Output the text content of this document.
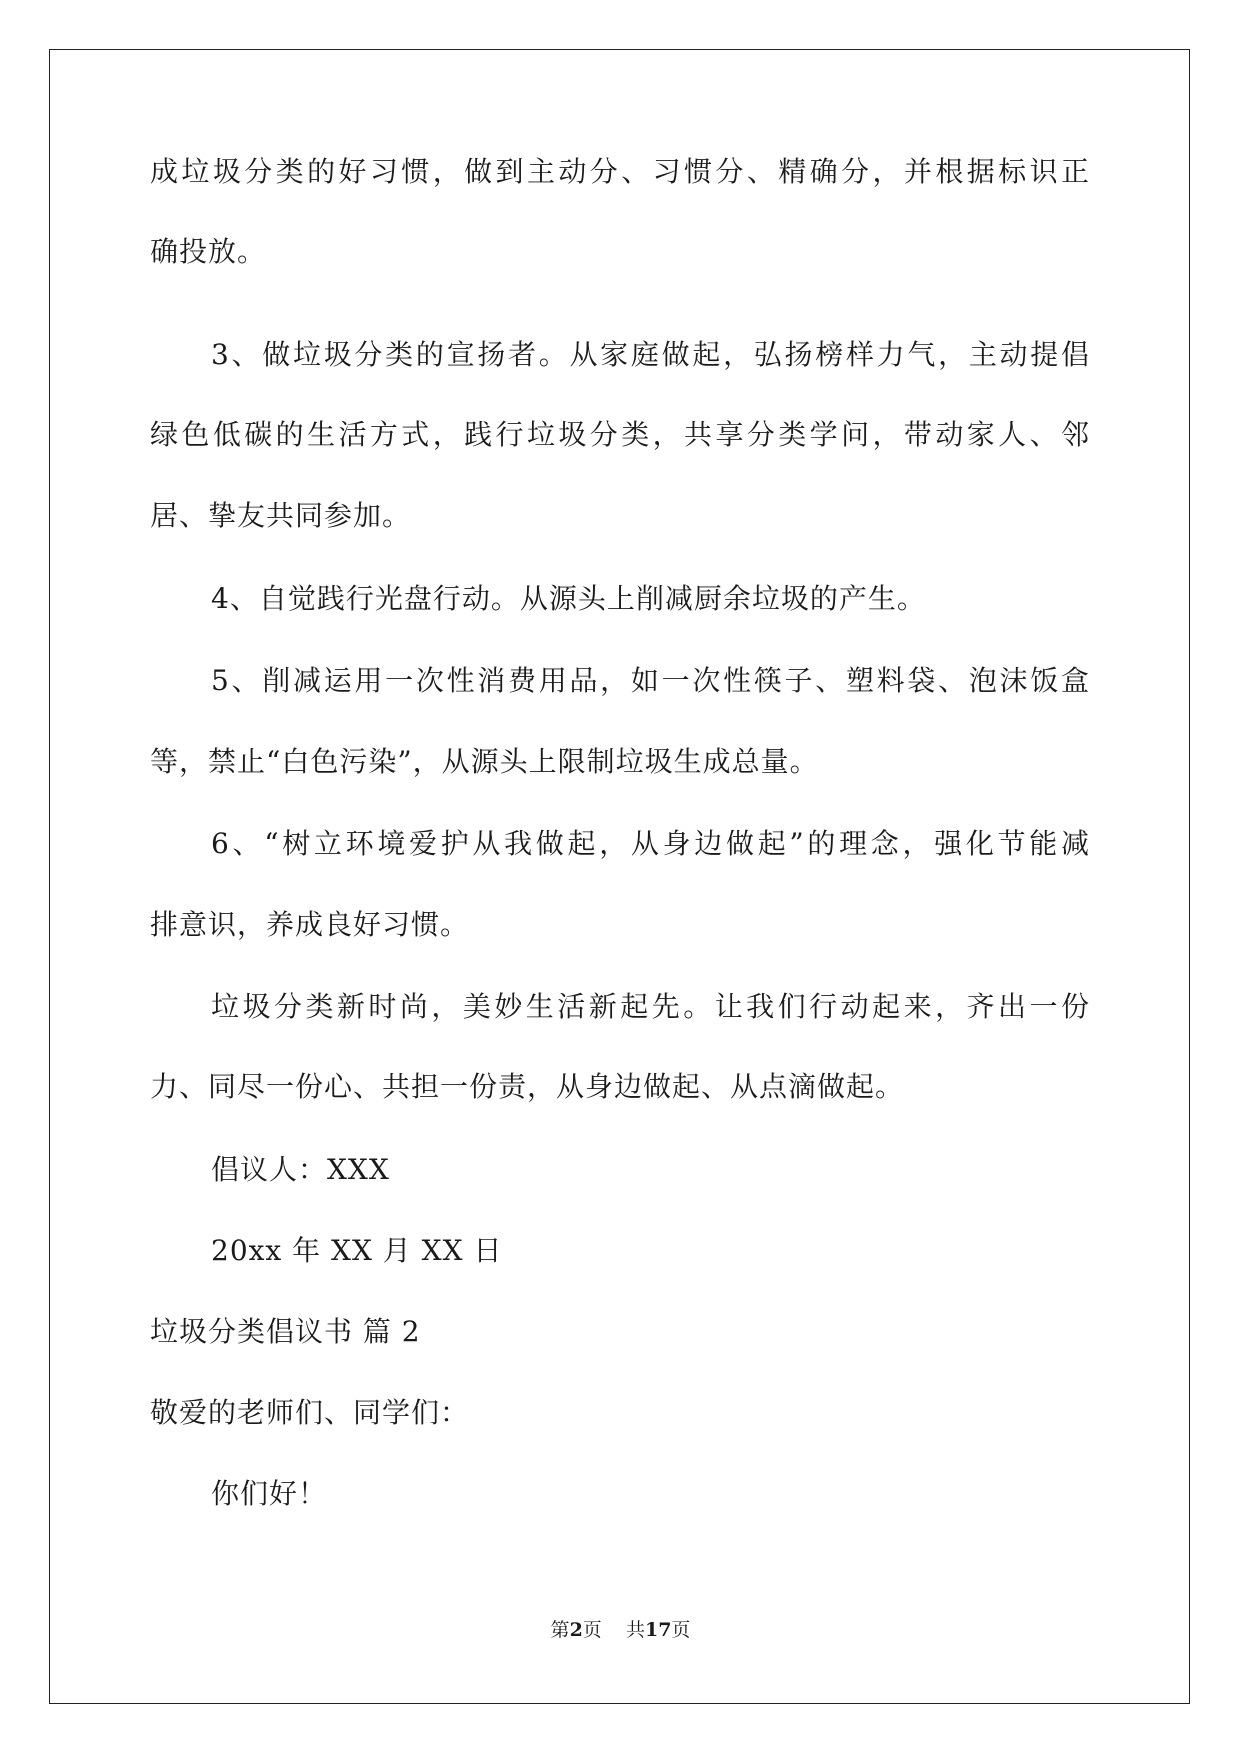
成垃圾分类的好习惯，做到主动分、习惯分、精确分，并根据标识正
确投放。
3、做垃圾分类的宣扬者。从家庭做起，弘扬榜样力气，主动提倡
绿色低碳的生活方式，践行垃圾分类，共享分类学问，带动家人、邻
居、挚友共同参加。
4、自觉践行光盘行动。从源头上削减厨余垃圾的产生。
5、削减运用一次性消费用品，如一次性筷子、塑料袋、泡沫饭盒
等，禁止“白色污染”，从源头上限制垃圾生成总量。
6、“树立环境爱护从我做起，从身边做起”的理念，强化节能减
排意识，养成良好习惯。
垃圾分类新时尚，美妙生活新起先。让我们行动起来，齐出一份
力、同尽一份心、共担一份责，从身边做起、从点滴做起。
倡议人：XXX
20xx 年 XX 月 XX 日
垃圾分类倡议书 篇 2
敬爱的老师们、同学们：
你们好！
第2页    共17页
